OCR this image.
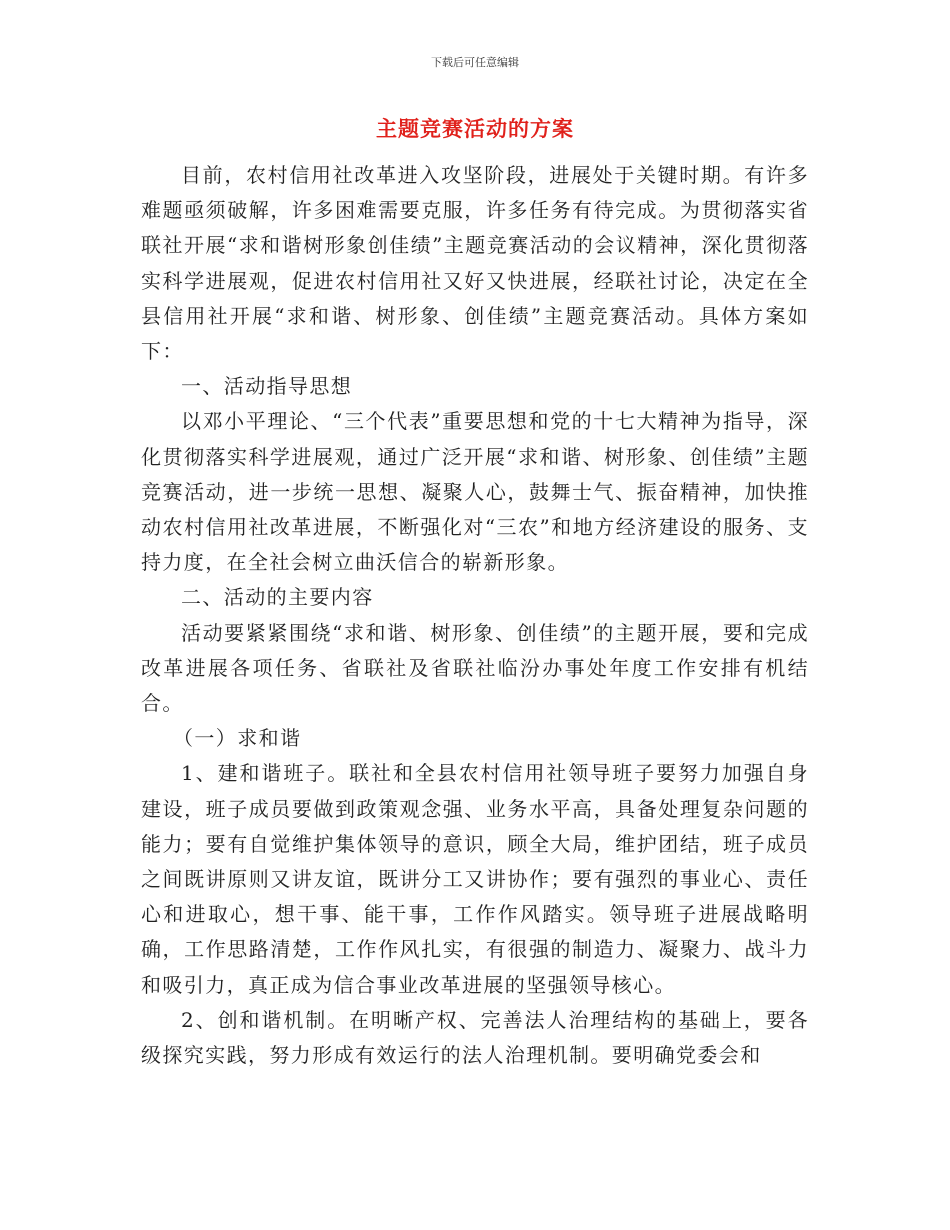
下载后可任意编辑
主题竞赛活动的方案

目前，农村信用社改革进入攻坚阶段，进展处于关键时期。有许多难题亟须破解，许多困难需要克服，许多任务有待完成。为贯彻落实省联社开展“求和谐树形象创佳绩”主题竞赛活动的会议精神，深化贯彻落实科学进展观，促进农村信用社又好又快进展，经联社讨论，决定在全县信用社开展“求和谐、树形象、创佳绩”主题竞赛活动。具体方案如下：

一、活动指导思想

以邓小平理论、“三个代表”重要思想和党的十七大精神为指导，深化贯彻落实科学进展观，通过广泛开展“求和谐、树形象、创佳绩”主题竞赛活动，进一步统一思想、凝聚人心，鼓舞士气、振奋精神，加快推动农村信用社改革进展，不断强化对“三农”和地方经济建设的服务、支持力度，在全社会树立曲沃信合的崭新形象。

二、活动的主要内容

活动要紧紧围绕“求和谐、树形象、创佳绩”的主题开展，要和完成改革进展各项任务、省联社及省联社临汾办事处年度工作安排有机结合。

（一）求和谐

1、建和谐班子。联社和全县农村信用社领导班子要努力加强自身建设，班子成员要做到政策观念强、业务水平高，具备处理复杂问题的能力；要有自觉维护集体领导的意识，顾全大局，维护团结，班子成员之间既讲原则又讲友谊，既讲分工又讲协作；要有强烈的事业心、责任心和进取心，想干事、能干事，工作作风踏实。领导班子进展战略明确，工作思路清楚，工作作风扎实，有很强的制造力、凝聚力、战斗力和吸引力，真正成为信合事业改革进展的坚强领导核心。

2、创和谐机制。在明晰产权、完善法人治理结构的基础上，要各级探究实践，努力形成有效运行的法人治理机制。要明确党委会和
